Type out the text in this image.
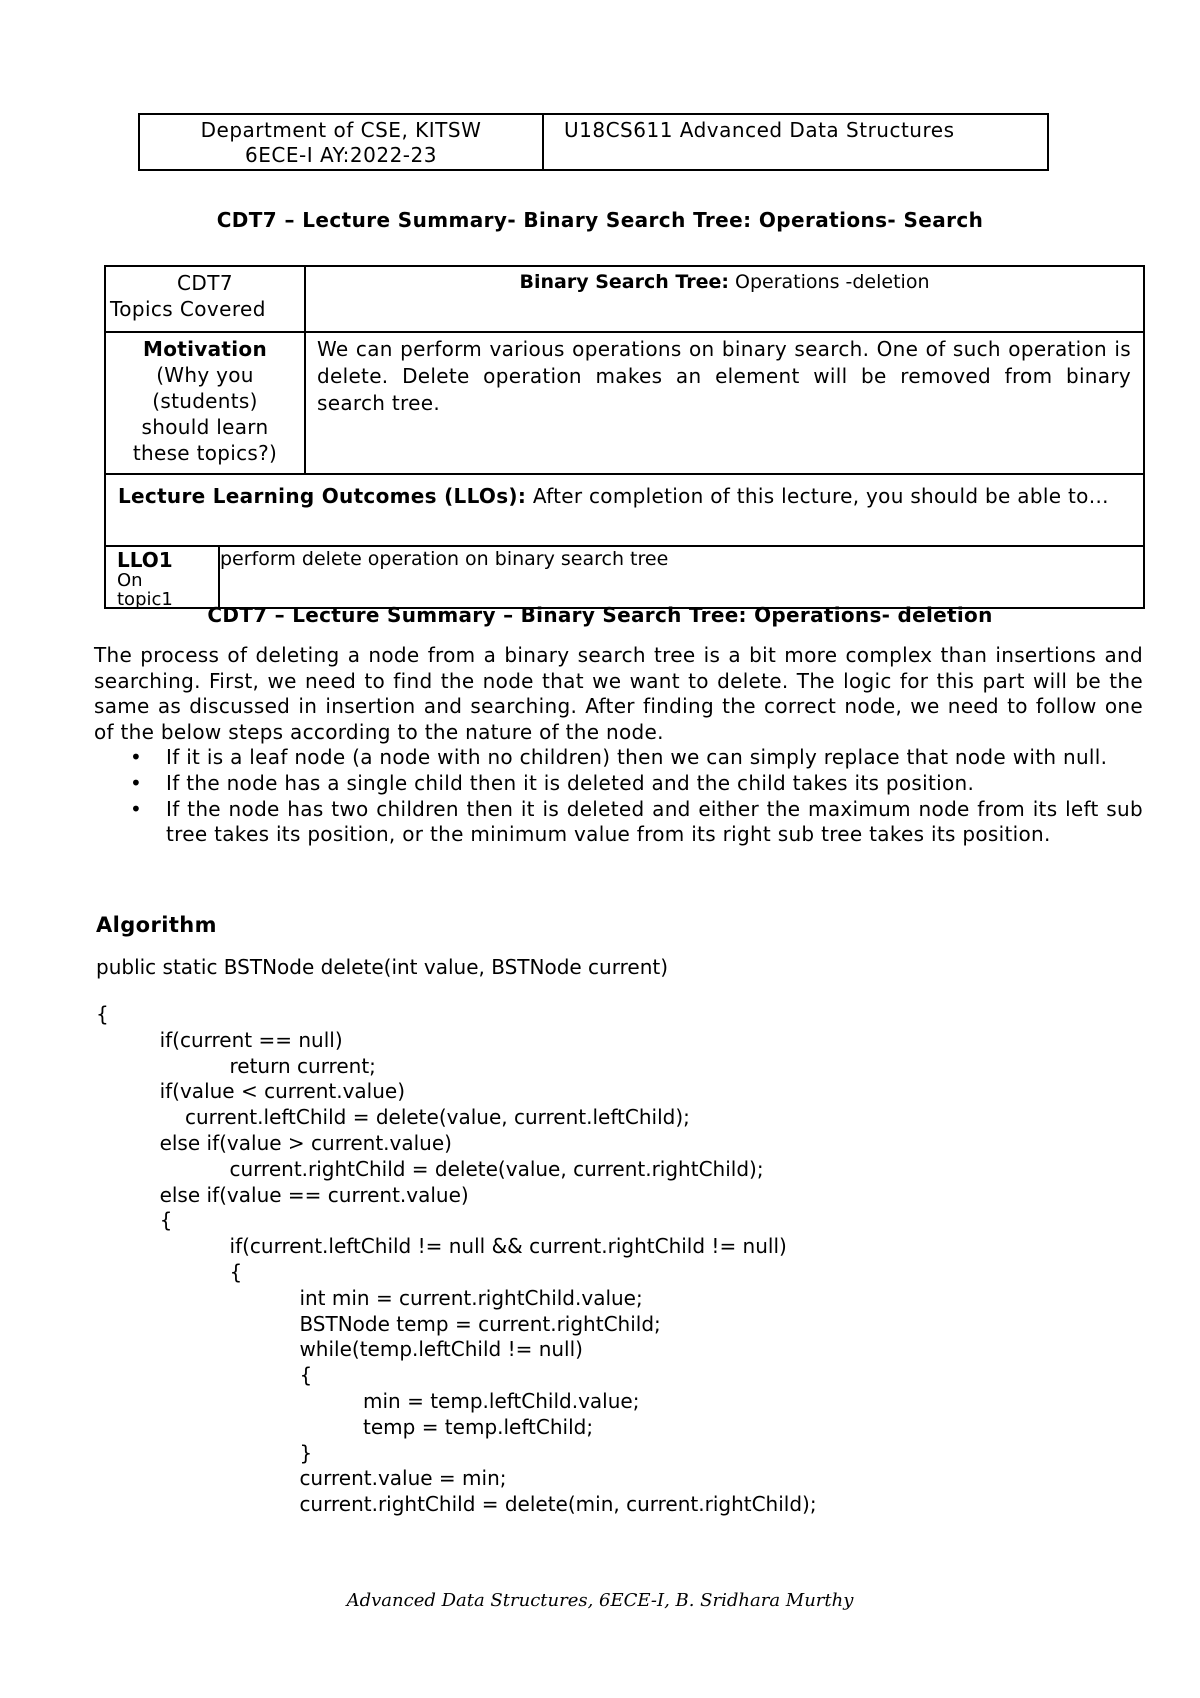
Department of CSE, KITSW
6ECE-I AY:2022-23
U18CS611 Advanced Data Structures
CDT7 – Lecture Summary- Binary Search Tree: Operations- Search
CDT7
Topics Covered
Binary Search Tree: Operations -deletion
Motivation
(Why you
(students)
should learn
these topics?)
We can perform various operations on binary search. One of such operation is delete. Delete operation makes an element will be removed from binary search tree.
Lecture Learning Outcomes (LLOs): After completion of this lecture, you should be able to…
LLO1
On
topic1
perform delete operation on binary search tree
CDT7 – Lecture Summary – Binary Search Tree: Operations- deletion
The process of deleting a node from a binary search tree is a bit more complex than insertions and searching. First, we need to find the node that we want to delete. The logic for this part will be the same as discussed in insertion and searching. After finding the correct node, we need to follow one of the below steps according to the nature of the node.
• If it is a leaf node (a node with no children) then we can simply replace that node with null.
• If the node has a single child then it is deleted and the child takes its position.
• If the node has two children then it is deleted and either the maximum node from its left sub tree takes its position, or the minimum value from its right sub tree takes its position.
Algorithm
public static BSTNode delete(int value, BSTNode current)
{
if(current == null)
return current;
if(value < current.value)
current.leftChild = delete(value, current.leftChild);
else if(value > current.value)
current.rightChild = delete(value, current.rightChild);
else if(value == current.value)
{
if(current.leftChild != null && current.rightChild != null)
{
int min = current.rightChild.value;
BSTNode temp = current.rightChild;
while(temp.leftChild != null)
{
min = temp.leftChild.value;
temp = temp.leftChild;
}
current.value = min;
current.rightChild = delete(min, current.rightChild);
Advanced Data Structures, 6ECE-I, B. Sridhara Murthy
